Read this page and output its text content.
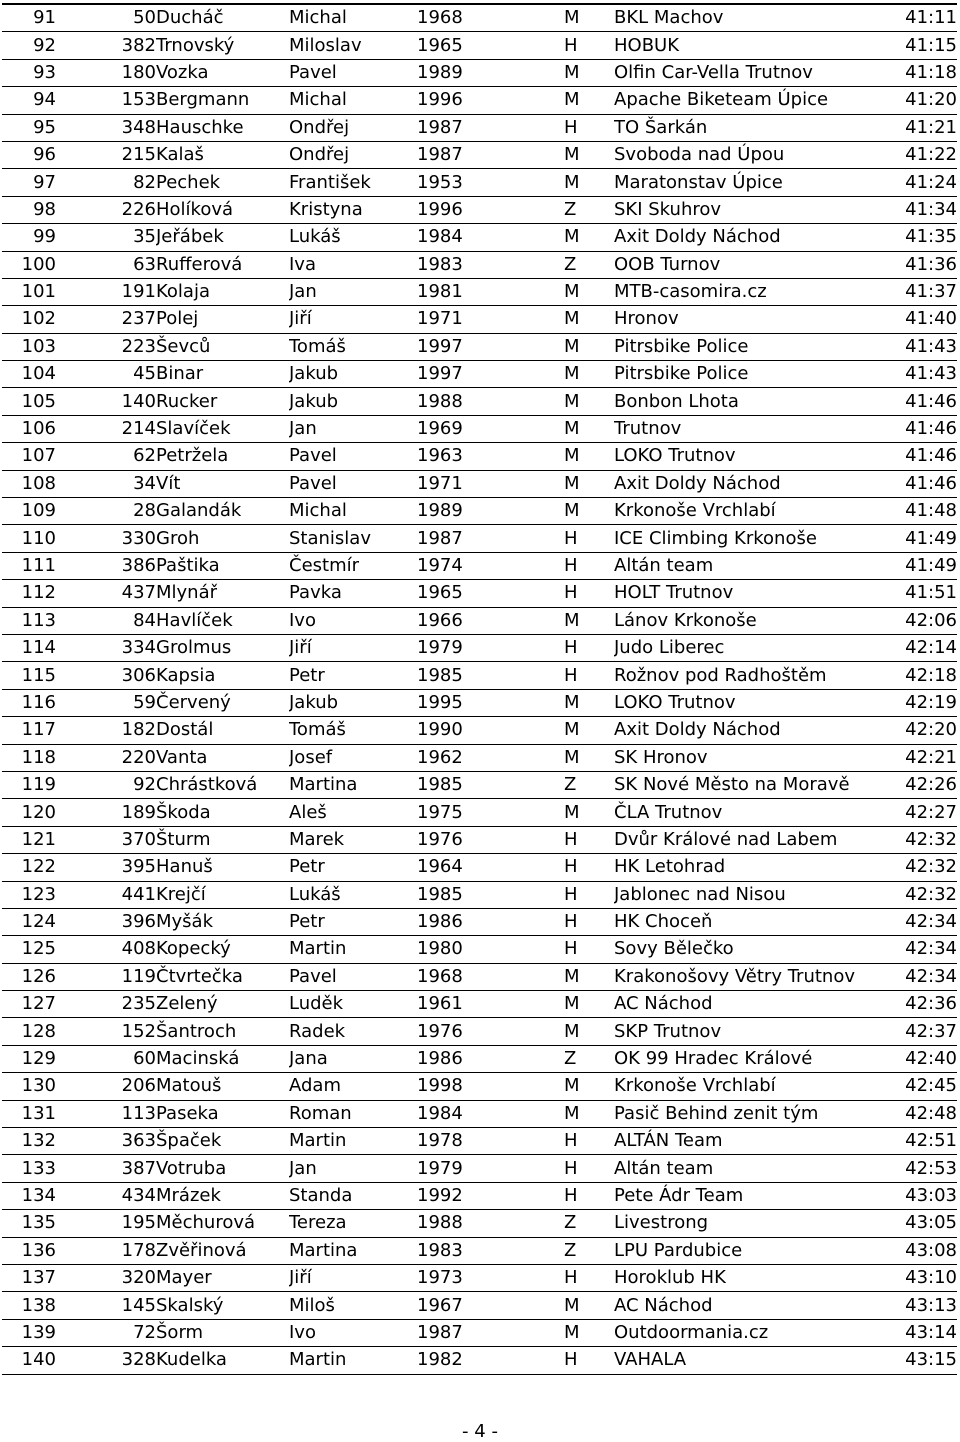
91	50	Ducháč	Michal	1968	M	BKL Machov	41:11
92	382	Trnovský	Miloslav	1965	H	HOBUK	41:15
93	180	Vozka	Pavel	1989	M	Olfin Car-Vella Trutnov	41:18
94	153	Bergmann	Michal	1996	M	Apache Biketeam Úpice	41:20
95	348	Hauschke	Ondřej	1987	H	TO Šarkán	41:21
96	215	Kalaš	Ondřej	1987	M	Svoboda nad Úpou	41:22
97	82	Pechek	František	1953	M	Maratonstav Úpice	41:24
98	226	Holíková	Kristyna	1996	Z	SKI Skuhrov	41:34
99	35	Jeřábek	Lukáš	1984	M	Axit Doldy Náchod	41:35
100	63	Rufferová	Iva	1983	Z	OOB Turnov	41:36
101	191	Kolaja	Jan	1981	M	MTB-casomira.cz	41:37
102	237	Polej	Jiří	1971	M	Hronov	41:40
103	223	Ševců	Tomáš	1997	M	Pitrsbike Police	41:43
104	45	Binar	Jakub	1997	M	Pitrsbike Police	41:43
105	140	Rucker	Jakub	1988	M	Bonbon Lhota	41:46
106	214	Slavíček	Jan	1969	M	Trutnov	41:46
107	62	Petržela	Pavel	1963	M	LOKO Trutnov	41:46
108	34	Vít	Pavel	1971	M	Axit Doldy Náchod	41:46
109	28	Galandák	Michal	1989	M	Krkonoše Vrchlabí	41:48
110	330	Groh	Stanislav	1987	H	ICE Climbing Krkonoše	41:49
111	386	Paštika	Čestmír	1974	H	Altán team	41:49
112	437	Mlynář	Pavka	1965	H	HOLT Trutnov	41:51
113	84	Havlíček	Ivo	1966	M	Lánov Krkonoše	42:06
114	334	Grolmus	Jiří	1979	H	Judo Liberec	42:14
115	306	Kapsia	Petr	1985	H	Rožnov pod Radhoštěm	42:18
116	59	Červený	Jakub	1995	M	LOKO Trutnov	42:19
117	182	Dostál	Tomáš	1990	M	Axit Doldy Náchod	42:20
118	220	Vanta	Josef	1962	M	SK Hronov	42:21
119	92	Chrástková	Martina	1985	Z	SK Nové Město na Moravě	42:26
120	189	Škoda	Aleš	1975	M	ČLA Trutnov	42:27
121	370	Šturm	Marek	1976	H	Dvůr Králové nad Labem	42:32
122	395	Hanuš	Petr	1964	H	HK Letohrad	42:32
123	441	Krejčí	Lukáš	1985	H	Jablonec nad Nisou	42:32
124	396	Myšák	Petr	1986	H	HK Choceň	42:34
125	408	Kopecký	Martin	1980	H	Sovy Bělečko	42:34
126	119	Čtvrtečka	Pavel	1968	M	Krakonošovy Větry Trutnov	42:34
127	235	Zelený	Luděk	1961	M	AC Náchod	42:36
128	152	Šantroch	Radek	1976	M	SKP Trutnov	42:37
129	60	Macinská	Jana	1986	Z	OK 99 Hradec Králové	42:40
130	206	Matouš	Adam	1998	M	Krkonoše Vrchlabí	42:45
131	113	Paseka	Roman	1984	M	Pasič Behind zenit tým	42:48
132	363	Špaček	Martin	1978	H	ALTÁN Team	42:51
133	387	Votruba	Jan	1979	H	Altán team	42:53
134	434	Mrázek	Standa	1992	H	Pete Ádr Team	43:03
135	195	Měchurová	Tereza	1988	Z	Livestrong	43:05
136	178	Zvěřinová	Martina	1983	Z	LPU Pardubice	43:08
137	320	Mayer	Jiří	1973	H	Horoklub HK	43:10
138	145	Skalský	Miloš	1967	M	AC Náchod	43:13
139	72	Šorm	Ivo	1987	M	Outdoormania.cz	43:14
140	328	Kudelka	Martin	1982	H	VAHALA	43:15
- 4 -
